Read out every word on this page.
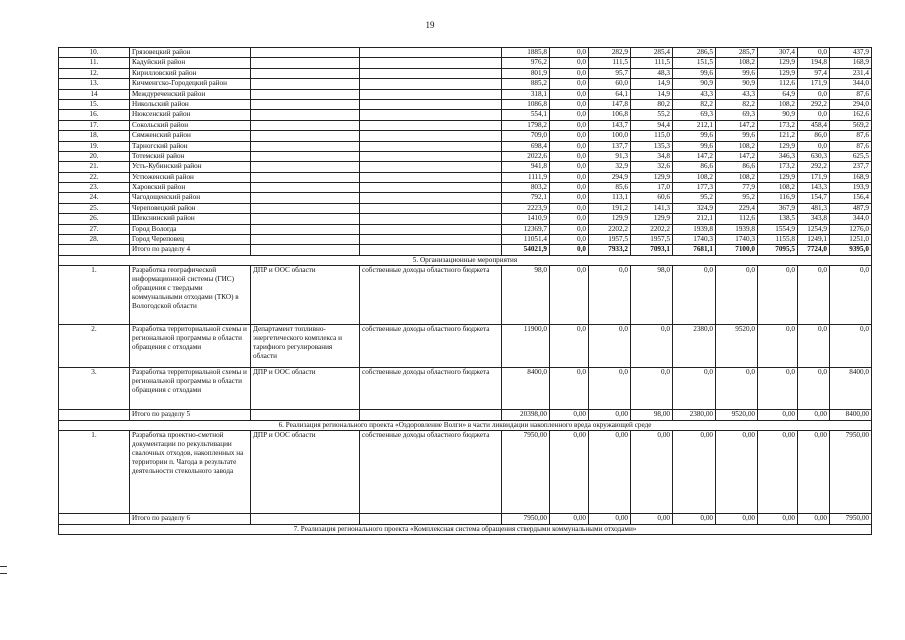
19
10.	Грязовецкий район			1885,8	0,0	282,9	285,4	286,5	285,7	307,4	0,0	437,9
11.	Кадуйский район			976,2	0,0	111,5	111,5	151,5	108,2	129,9	194,8	168,9
12.	Кирилловский район			801,9	0,0	95,7	48,3	99,6	99,6	129,9	97,4	231,4
13.	Кичменгско-Городецкий район			885,2	0,0	60,0	14,9	90,9	90,9	112,6	171,9	344,0
14	Междуреченский район			318,1	0,0	64,1	14,9	43,3	43,3	64,9	0,0	87,6
15.	Никольский район			1086,8	0,0	147,8	80,2	82,2	82,2	108,2	292,2	294,0
16.	Нюксенский район			554,1	0,0	106,8	55,2	69,3	69,3	90,9	0,0	162,6
17.	Сокольский район			1798,2	0,0	143,7	94,4	212,1	147,2	173,2	458,4	569,2
18.	Сямженский район			709,0	0,0	100,0	115,0	99,6	99,6	121,2	86,0	87,6
19.	Тарногский район			698,4	0,0	137,7	135,3	99,6	108,2	129,9	0,0	87,6
20.	Тотемский район			2022,6	0,0	91,3	34,8	147,2	147,2	346,3	630,3	625,5
21.	Усть-Кубинский район			941,8	0,0	32,9	32,6	86,6	86,6	173,2	292,2	237,7
22.	Устюженский район			1111,9	0,0	294,9	129,9	108,2	108,2	129,9	171,9	168,9
23.	Харовский район			803,2	0,0	85,6	17,0	177,3	77,9	108,2	143,3	193,9
24.	Чагодощенский район			792,1	0,0	113,1	60,6	95,2	95,2	116,9	154,7	156,4
25.	Череповецкий район			2223,9	0,0	191,2	141,3	324,9	229,4	367,9	481,3	487,9
26.	Шекснинский район			1410,9	0,0	129,9	129,9	212,1	112,6	138,5	343,8	344,0
27.	Город Вологда			12369,7	0,0	2202,2	2202,2	1939,8	1939,8	1554,9	1254,9	1276,0
28.	Город Череповец			11051,4	0,0	1957,5	1957,5	1740,3	1740,3	1155,8	1249,1	1251,0
	Итого по разделу 4			54021,9	0,0	7933,2	7093,1	7681,1	7100,0	7095,5	7724,0	9395,0
5. Организационные мероприятия												
1.	Разработка географической информационной системы (ГИС) обращения с твердыми коммунальными отходами (ТКО) в Вологодской области	ДПР и ООС области	собственные доходы областного бюджета	98,0	0,0	0,0	98,0	0,0	0,0	0,0	0,0	0,0
2.	Разработка территориальной схемы и региональной программы в области обращения с отходами	Департамент топливно-энергетического комплекса и тарифного регулирования области	собственные доходы областного бюджета	11900,0	0,0	0,0	0,0	2380,0	9520,0	0,0	0,0	0,0
3.	Разработка территориальной схемы и региональной программы в области обращения с отходами	ДПР и ООС области	собственные доходы областного бюджета	8400,0	0,0	0,0	0,0	0,0	0,0	0,0	0,0	8400,0
	Итого по разделу 5			20398,00	0,00	0,00	98,00	2380,00	9520,00	0,00	0,00	8400,00
6. Реализация регионального проекта «Оздоровление Волги» в части ликвидации накопленного вреда окружающей среде												
1.	Разработка проектно-сметной документации по рекультивации свалочных отходов, накопленных на территории п. Чагода в результате деятельности стекольного завода	ДПР и ООС области	собственные доходы областного бюджета	7950,00	0,00	0,00	0,00	0,00	0,00	0,00	0,00	7950,00
	Итого по разделу 6			7950,00	0,00	0,00	0,00	0,00	0,00	0,00	0,00	7950,00
7. Реализация регионального проекта «Комплексная система обращения ствердыми коммунальными отходами»												
